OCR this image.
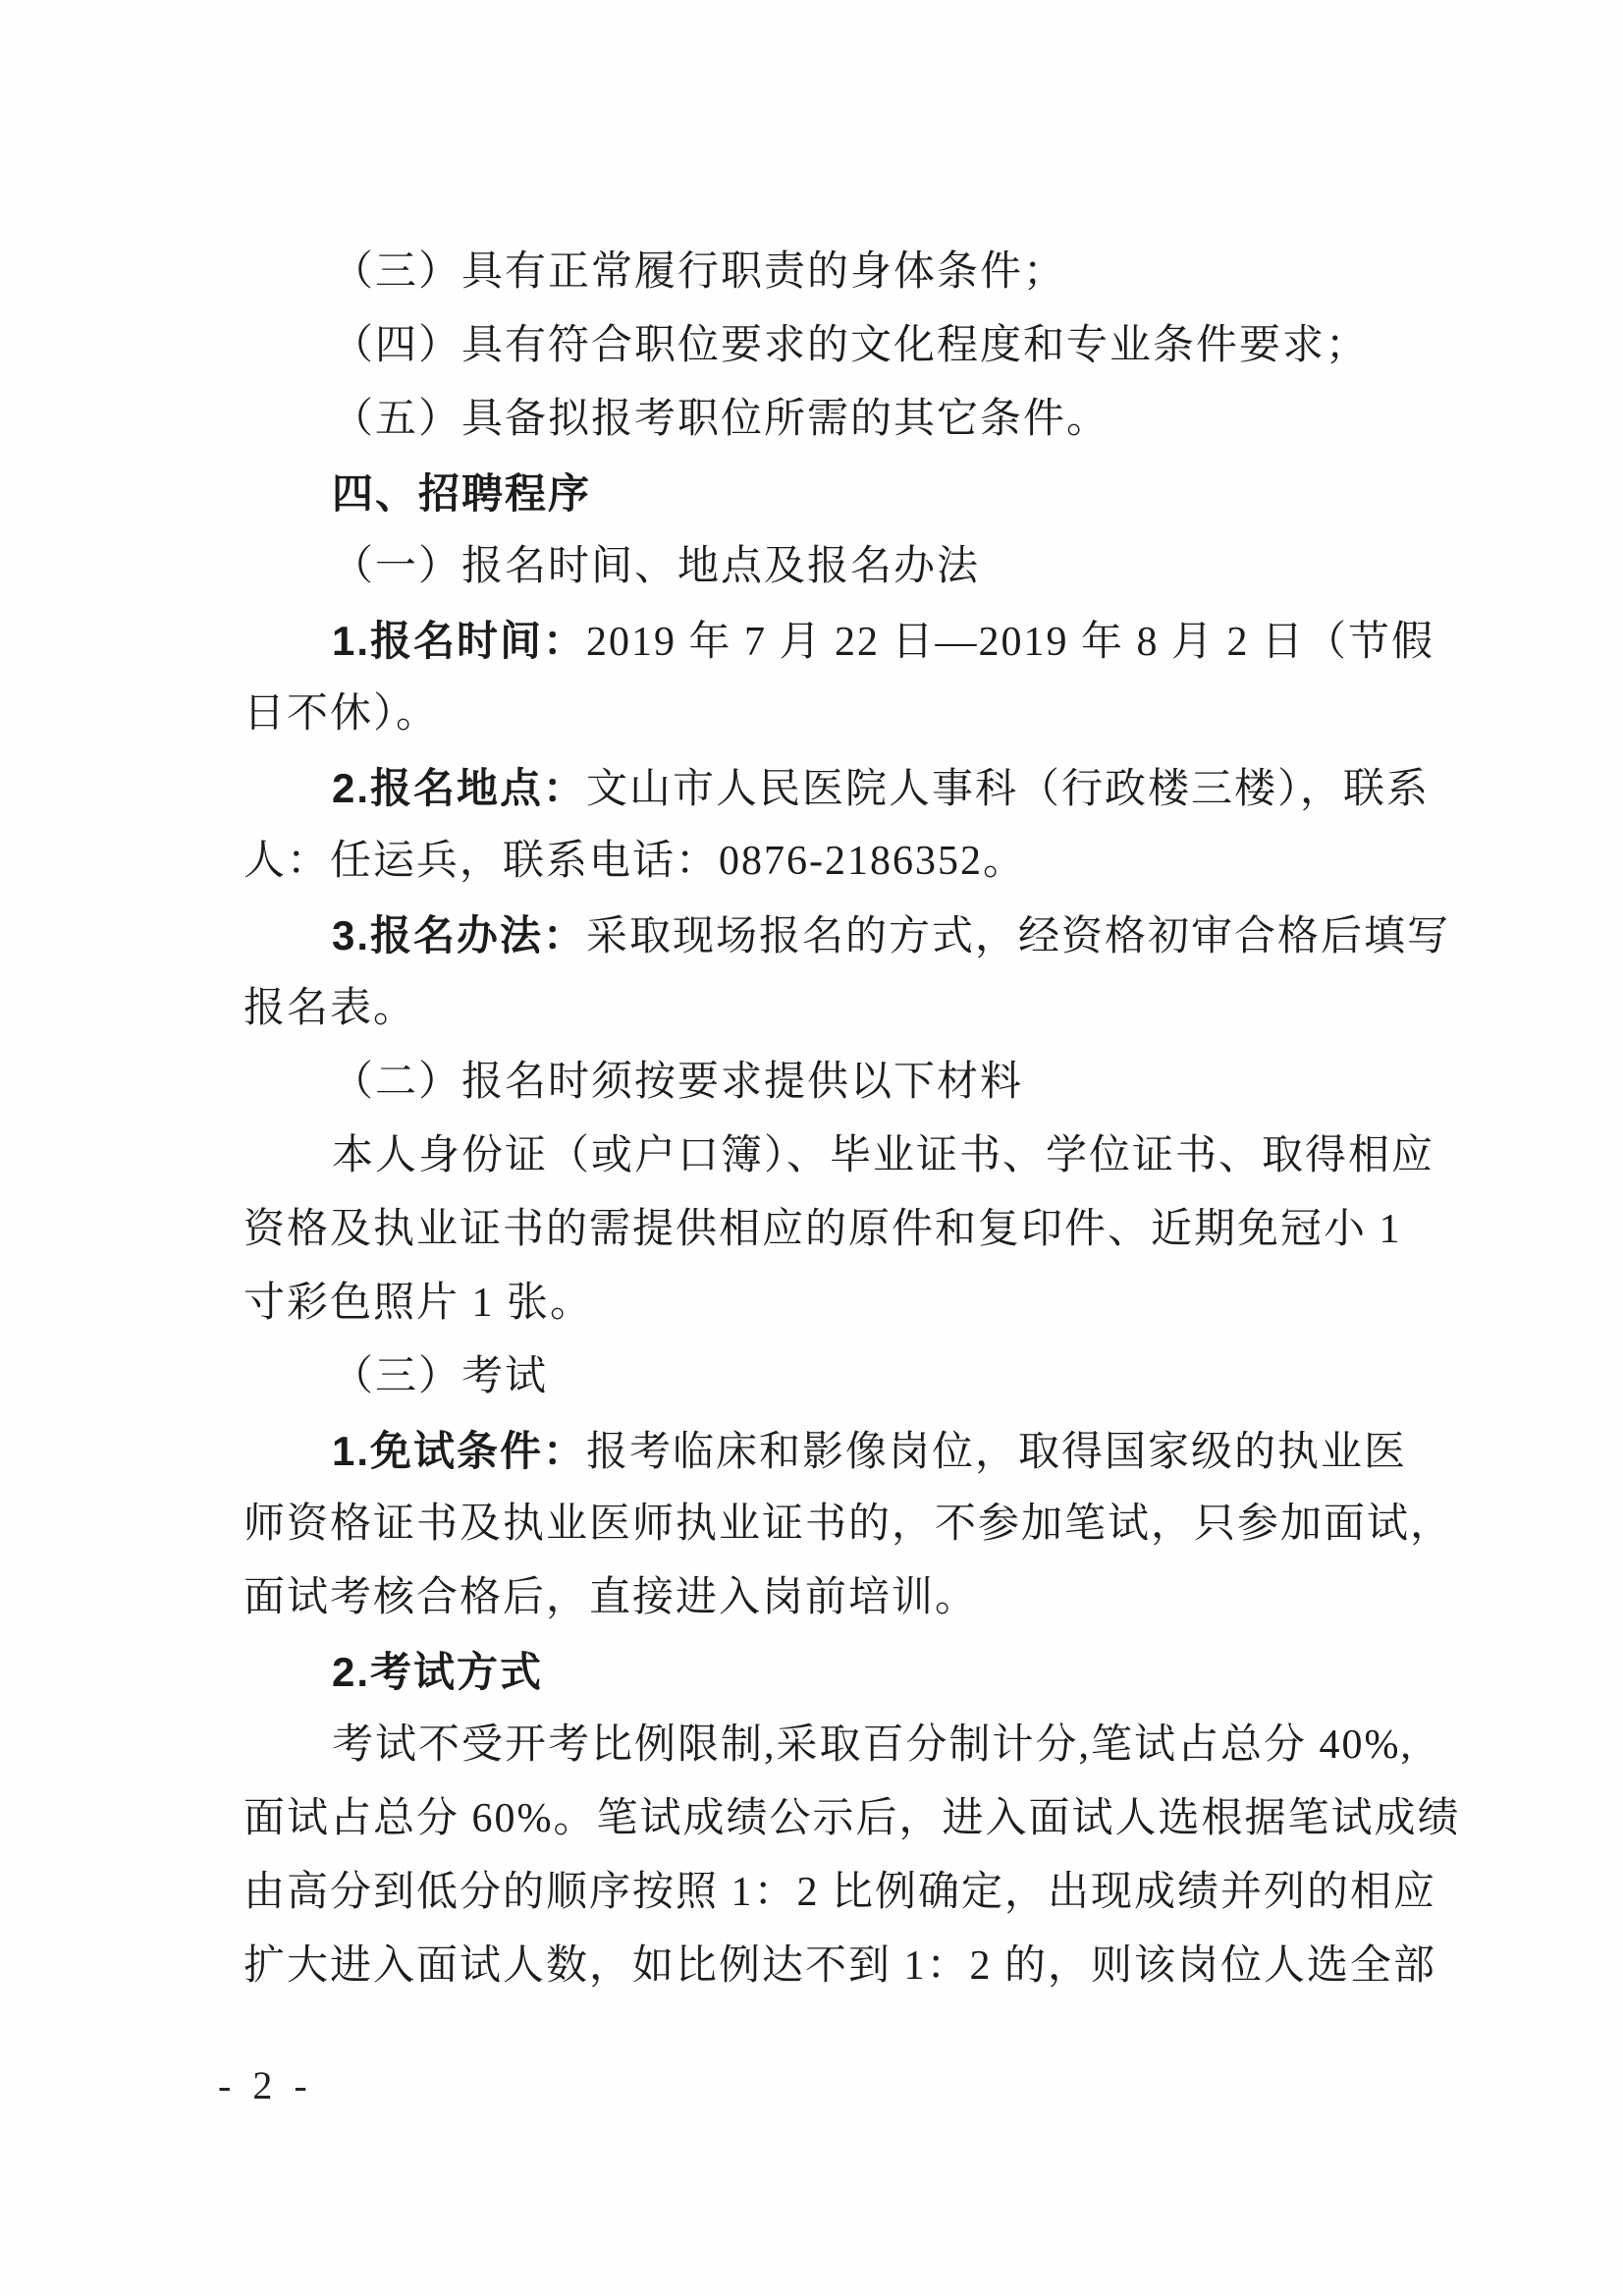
（三）具有正常履行职责的身体条件；
（四）具有符合职位要求的文化程度和专业条件要求；
（五）具备拟报考职位所需的其它条件。
四、招聘程序
（一）报名时间、地点及报名办法
1.报名时间：2019 年 7 月 22 日—2019 年 8 月 2 日（节假
日不休）。
2.报名地点：文山市人民医院人事科（行政楼三楼），联系
人：任运兵，联系电话：0876-2186352。
3.报名办法：采取现场报名的方式，经资格初审合格后填写
报名表。
（二）报名时须按要求提供以下材料
本人身份证（或户口簿）、毕业证书、学位证书、取得相应
资格及执业证书的需提供相应的原件和复印件、近期免冠小 1
寸彩色照片 1 张。
（三）考试
1.免试条件：报考临床和影像岗位，取得国家级的执业医
师资格证书及执业医师执业证书的，不参加笔试，只参加面试，
面试考核合格后，直接进入岗前培训。
2.考试方式
考试不受开考比例限制,采取百分制计分,笔试占总分 40%,
面试占总分 60%。笔试成绩公示后，进入面试人选根据笔试成绩
由高分到低分的顺序按照 1：2 比例确定，出现成绩并列的相应
扩大进入面试人数，如比例达不到 1：2 的，则该岗位人选全部
- 2 -
